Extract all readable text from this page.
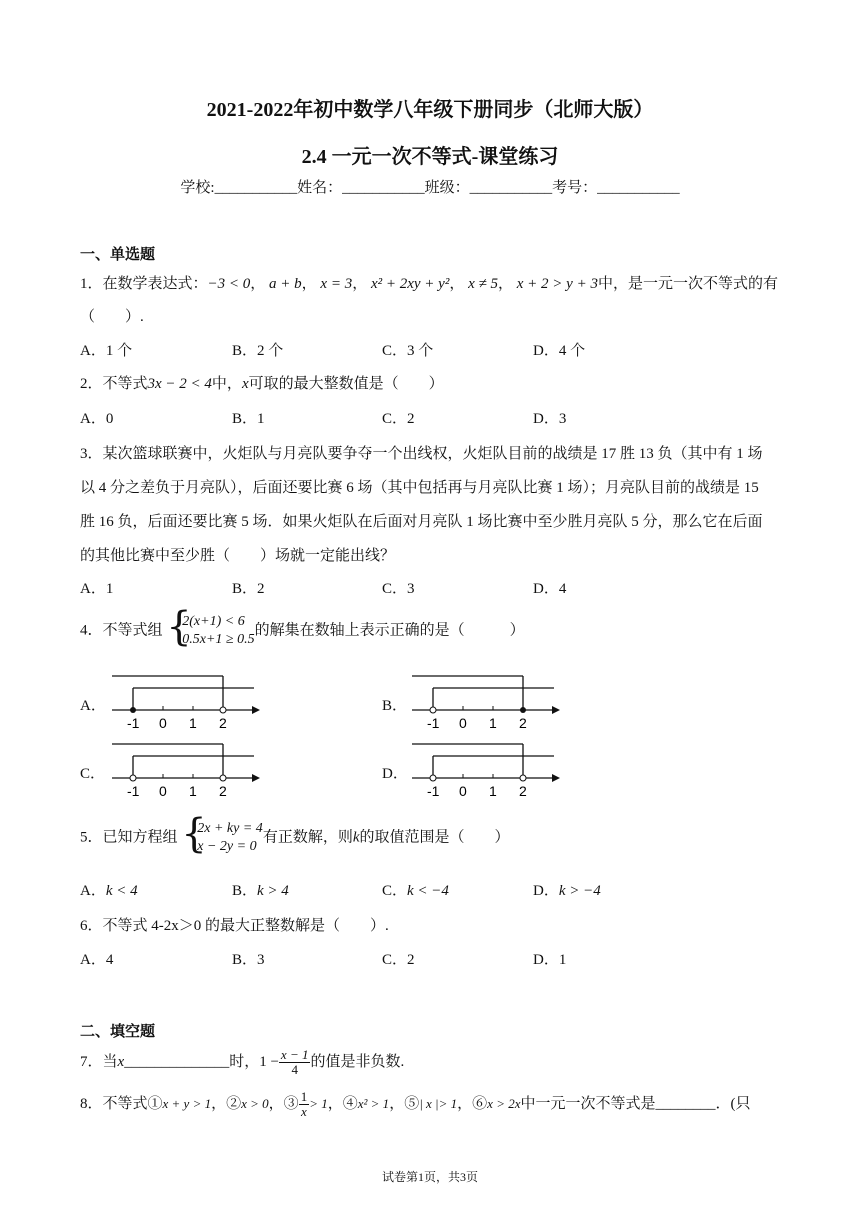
2021-2022年初中数学八年级下册同步（北师大版）
2.4 一元一次不等式-课堂练习
学校:___________姓名：___________班级：___________考号：___________
一、单选题
1．在数学表达式：−3 < 0， a + b， x = 3， x² + 2xy + y²， x ≠ 5， x + 2 > y + 3中，是一元一次不等式的有
（　　）.
A．1 个	B．2 个	C．3 个	D．4 个
2．不等式3x − 2 < 4中，x可取的最大整数值是（　　）
A．0	B．1	C．2	D．3
3．某次篮球联赛中，火炬队与月亮队要争夺一个出线权，火炬队目前的战绩是 17 胜 13 负（其中有 1 场
以 4 分之差负于月亮队），后面还要比赛 6 场（其中包括再与月亮队比赛 1 场）；月亮队目前的战绩是 15
胜 16 负，后面还要比赛 5 场．如果火炬队在后面对月亮队 1 场比赛中至少胜月亮队 5 分，那么它在后面
的其他比赛中至少胜（　　）场就一定能出线？
A．1	B．2	C．3	D．4
4．不等式组 {
2(x+1) < 6
0.5x+1 ≥ 0.5
的解集在数轴上表示正确的是（　　　）
A．	B．
C．	D．
-1 0 1 2	-1 0 1 2
-1 0 1 2	-1 0 1 2
5．已知方程组 {
2x + ky = 4
x − 2y = 0
有正数解，则k的取值范围是（　　）
A．k < 4	B．k > 4	C．k < −4	D．k > −4
6．不等式 4-2x＞0 的最大正整数解是（　　）.
A．4	B．3	C．2	D．1
二、填空题
7．当x______________时，$1 - \frac{x - 1}{4}$ 的值是非负数.
8．不等式①x + y > 1，②x > 0，③ $\frac{1}{x} > 1$，④x² > 1，⑤| x |> 1，⑥x > 2x中一元一次不等式是________．(只
试卷第1页，共3页
